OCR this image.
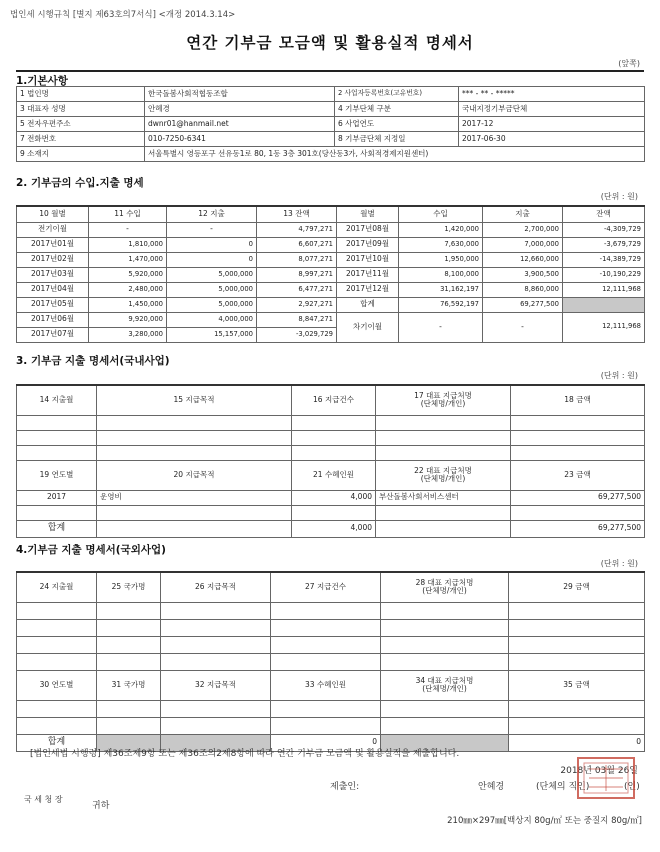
법인세 시행규칙 [별지 제63호의7서식] <개정 2014.3.14>
연간 기부금 모금액 및 활용실적 명세서
(앞쪽)
1.기본사항
1 법인명	한국돌봄사회적협동조합	2 사업자등록번호(고유번호)	*** - ** - *****
3 대표자 성명	안혜경	4 기부단체 구분	국내지정기부금단체
5 전자우편주소	dwnr01@hanmail.net	6 사업연도	2017-12
7 전화번호	010-7250-6341	8 기부금단체 지정일	2017-06-30
9 소재지	서울특별시 영등포구 선유동1로 80, 1동 3층 301호(당산동3가, 사회적경제지원센터)		
2. 기부금의 수입.지출 명세
(단위 : 원)
10 월별	11 수입	12 지출	13 잔액	월별	수입	지출	잔액
전기이월	-	-	4,797,271	2017년08월	1,420,000	2,700,000	-4,309,729
2017년01월	1,810,000	0	6,607,271	2017년09월	7,630,000	7,000,000	-3,679,729
2017년02월	1,470,000	0	8,077,271	2017년10월	1,950,000	12,660,000	-14,389,729
2017년03월	5,920,000	5,000,000	8,997,271	2017년11월	8,100,000	3,900,500	-10,190,229
2017년04월	2,480,000	5,000,000	6,477,271	2017년12월	31,162,197	8,860,000	12,111,968
2017년05월	1,450,000	5,000,000	2,927,271	합계	76,592,197	69,277,500	
2017년06월	9,920,000	4,000,000	8,847,271	차기이월	-	-	12,111,968
2017년07월	3,280,000	15,157,000	-3,029,729				
3. 기부금 지출 명세서(국내사업)
(단위 : 원)
14 지출월	15 지급목적	16 지급건수	17 대표 지급처명
(단체명/개인)	18 금액

19 연도별	20 지급목적	21 수혜인원	22 대표 지급처명
(단체명/개인)	23 금액
2017	운영비	4,000	부산돌봄사회서비스센터	69,277,500

합계		4,000		69,277,500
4.기부금 지출 명세서(국외사업)
(단위 : 원)
24 지출월	25 국가명	26 지급목적	27 지급건수	28 대표 지급처명
(단체명/개인)	29 금액

30 연도별	31 국가명	32 지급목적	33 수혜인원	34 대표 지급처명
(단체명/개인)	35 금액

합계			0		0
[법인세법 시행령] 제36조제9항 또는 제36조의2제8항에 따라 연간 기부금 모금액 및 활용실적을 제출합니다.
2018년 03월 26일
제출인:	안혜경	(단체의 직인)	(인)
국 세 청 장
귀하
210㎜×297㎜[백상지 80g/㎡ 또는 중질지 80g/㎡]
